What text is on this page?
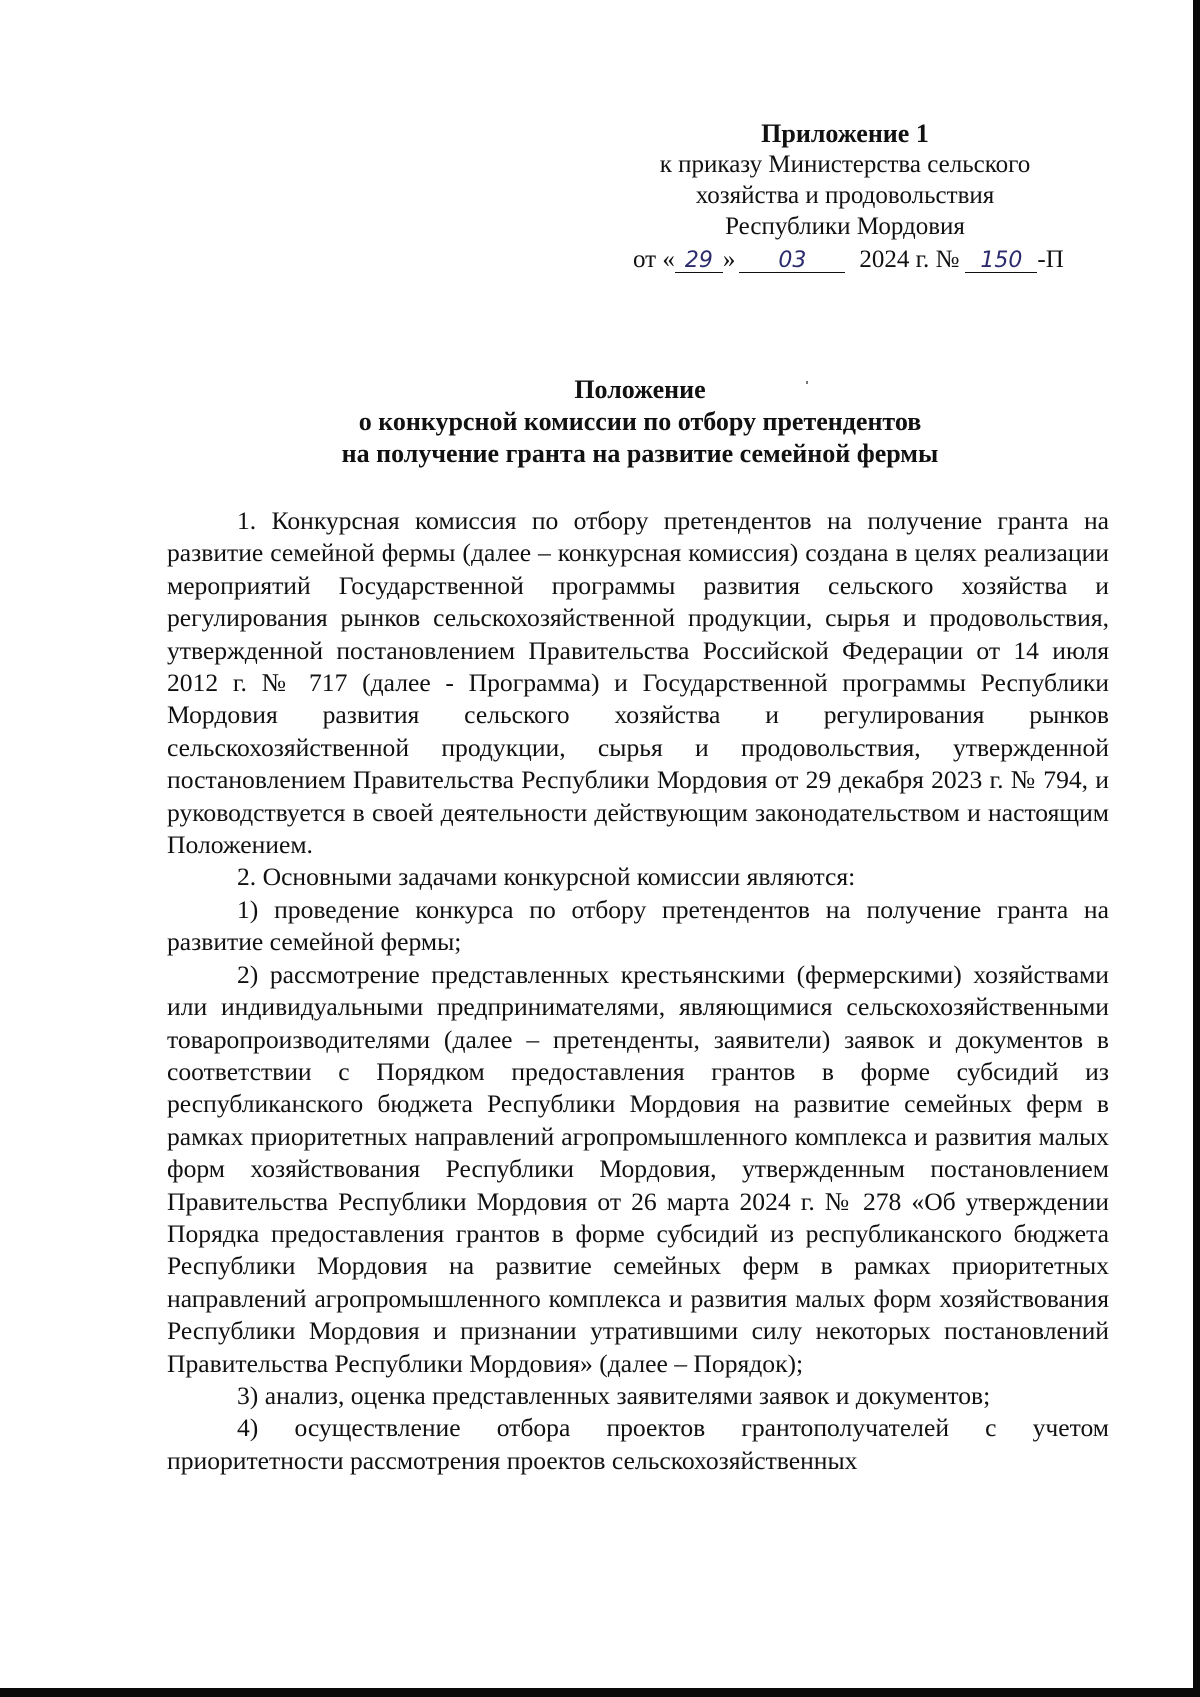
Приложение 1
к приказу Министерства сельского
хозяйства и продовольствия
Республики Мордовия
от « 29 » 03 2024 г. № 150 -П
Положение
о конкурсной комиссии по отбору претендентов
на получение гранта на развитие семейной фермы

1. Конкурсная комиссия по отбору претендентов на получение гранта на развитие семейной фермы (далее – конкурсная комиссия) создана в целях реализации мероприятий Государственной программы развития сельского хозяйства и регулирования рынков сельскохозяйственной продукции, сырья и продовольствия, утвержденной постановлением Правительства Российской Федерации от 14 июля 2012 г. № 717 (далее - Программа) и Государственной программы Республики Мордовия развития сельского хозяйства и регулирования рынков сельскохозяйственной продукции, сырья и продовольствия, утвержденной постановлением Правительства Республики Мордовия от 29 декабря 2023 г. № 794, и руководствуется в своей деятельности действующим законодательством и настоящим Положением.

2. Основными задачами конкурсной комиссии являются:

1) проведение конкурса по отбору претендентов на получение гранта на развитие семейной фермы;

2) рассмотрение представленных крестьянскими (фермерскими) хозяйствами или индивидуальными предпринимателями, являющимися сельскохозяйственными товаропроизводителями (далее – претенденты, заявители) заявок и документов в соответствии с Порядком предоставления грантов в форме субсидий из республиканского бюджета Республики Мордовия на развитие семейных ферм в рамках приоритетных направлений агропромышленного комплекса и развития малых форм хозяйствования Республики Мордовия, утвержденным постановлением Правительства Республики Мордовия от 26 марта 2024 г. № 278 «Об утверждении Порядка предоставления грантов в форме субсидий из республиканского бюджета Республики Мордовия на развитие семейных ферм в рамках приоритетных направлений агропромышленного комплекса и развития малых форм хозяйствования Республики Мордовия и признании утратившими силу некоторых постановлений Правительства Республики Мордовия» (далее – Порядок);

3) анализ, оценка представленных заявителями заявок и документов;

4) осуществление отбора проектов грантополучателей с учетом приоритетности рассмотрения проектов сельскохозяйственных
